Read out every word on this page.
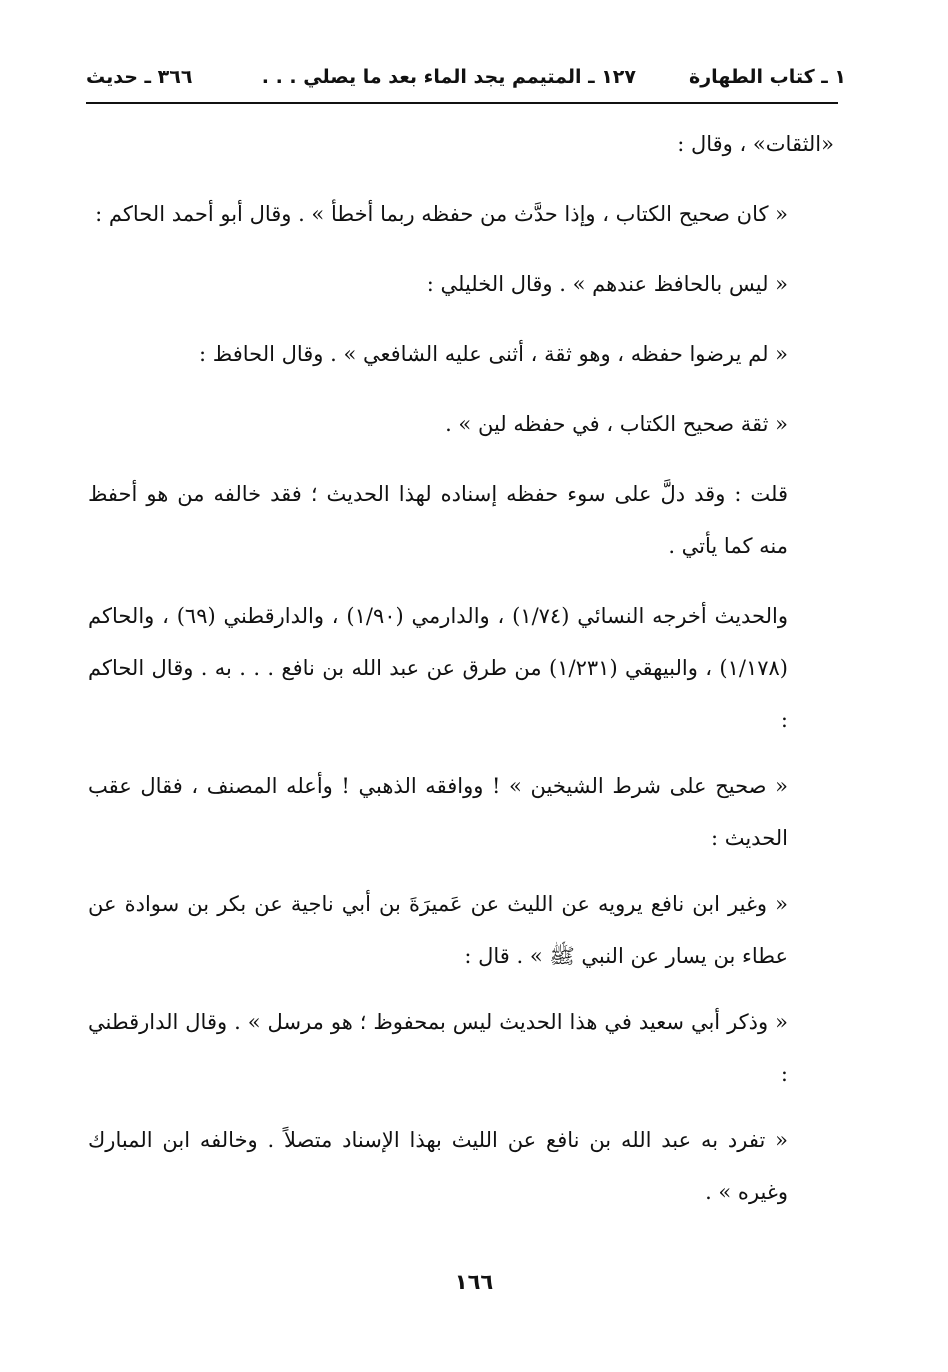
١ ـ كتاب الطهارة
١٢٧ ـ المتيمم يجد الماء بعد ما يصلي . . .
٣٦٦ ـ حديث

«الثقات» ، وقال :

« كان صحيح الكتاب ، وإذا حدَّث من حفظه ربما أخطأ » . وقال أبو أحمد الحاكم :

« ليس بالحافظ عندهم » . وقال الخليلي :

« لم يرضوا حفظه ، وهو ثقة ، أثنى عليه الشافعي » . وقال الحافظ :

« ثقة صحيح الكتاب ، في حفظه لين » .

قلت : وقد دلَّ على سوء حفظه إسناده لهذا الحديث ؛ فقد خالفه من هو أحفظ منه كما يأتي .

والحديث أخرجه النسائي (١/٧٤) ، والدارمي (١/٩٠) ، والدارقطني (٦٩) ، والحاكم (١/١٧٨) ، والبيهقي (١/٢٣١) من طرق عن عبد الله بن نافع . . . به . وقال الحاكم :

« صحيح على شرط الشيخين » ! ووافقه الذهبي ! وأعله المصنف ، فقال عقب الحديث :

« وغير ابن نافع يرويه عن الليث عن عَميرَةَ بن أبي ناجية عن بكر بن سوادة عن عطاء بن يسار عن النبي ﷺ » . قال :

« وذكر أبي سعيد في هذا الحديث ليس بمحفوظ ؛ هو مرسل » . وقال الدارقطني :

« تفرد به عبد الله بن نافع عن الليث بهذا الإسناد متصلاً . وخالفه ابن المبارك وغيره » .

١٦٦
